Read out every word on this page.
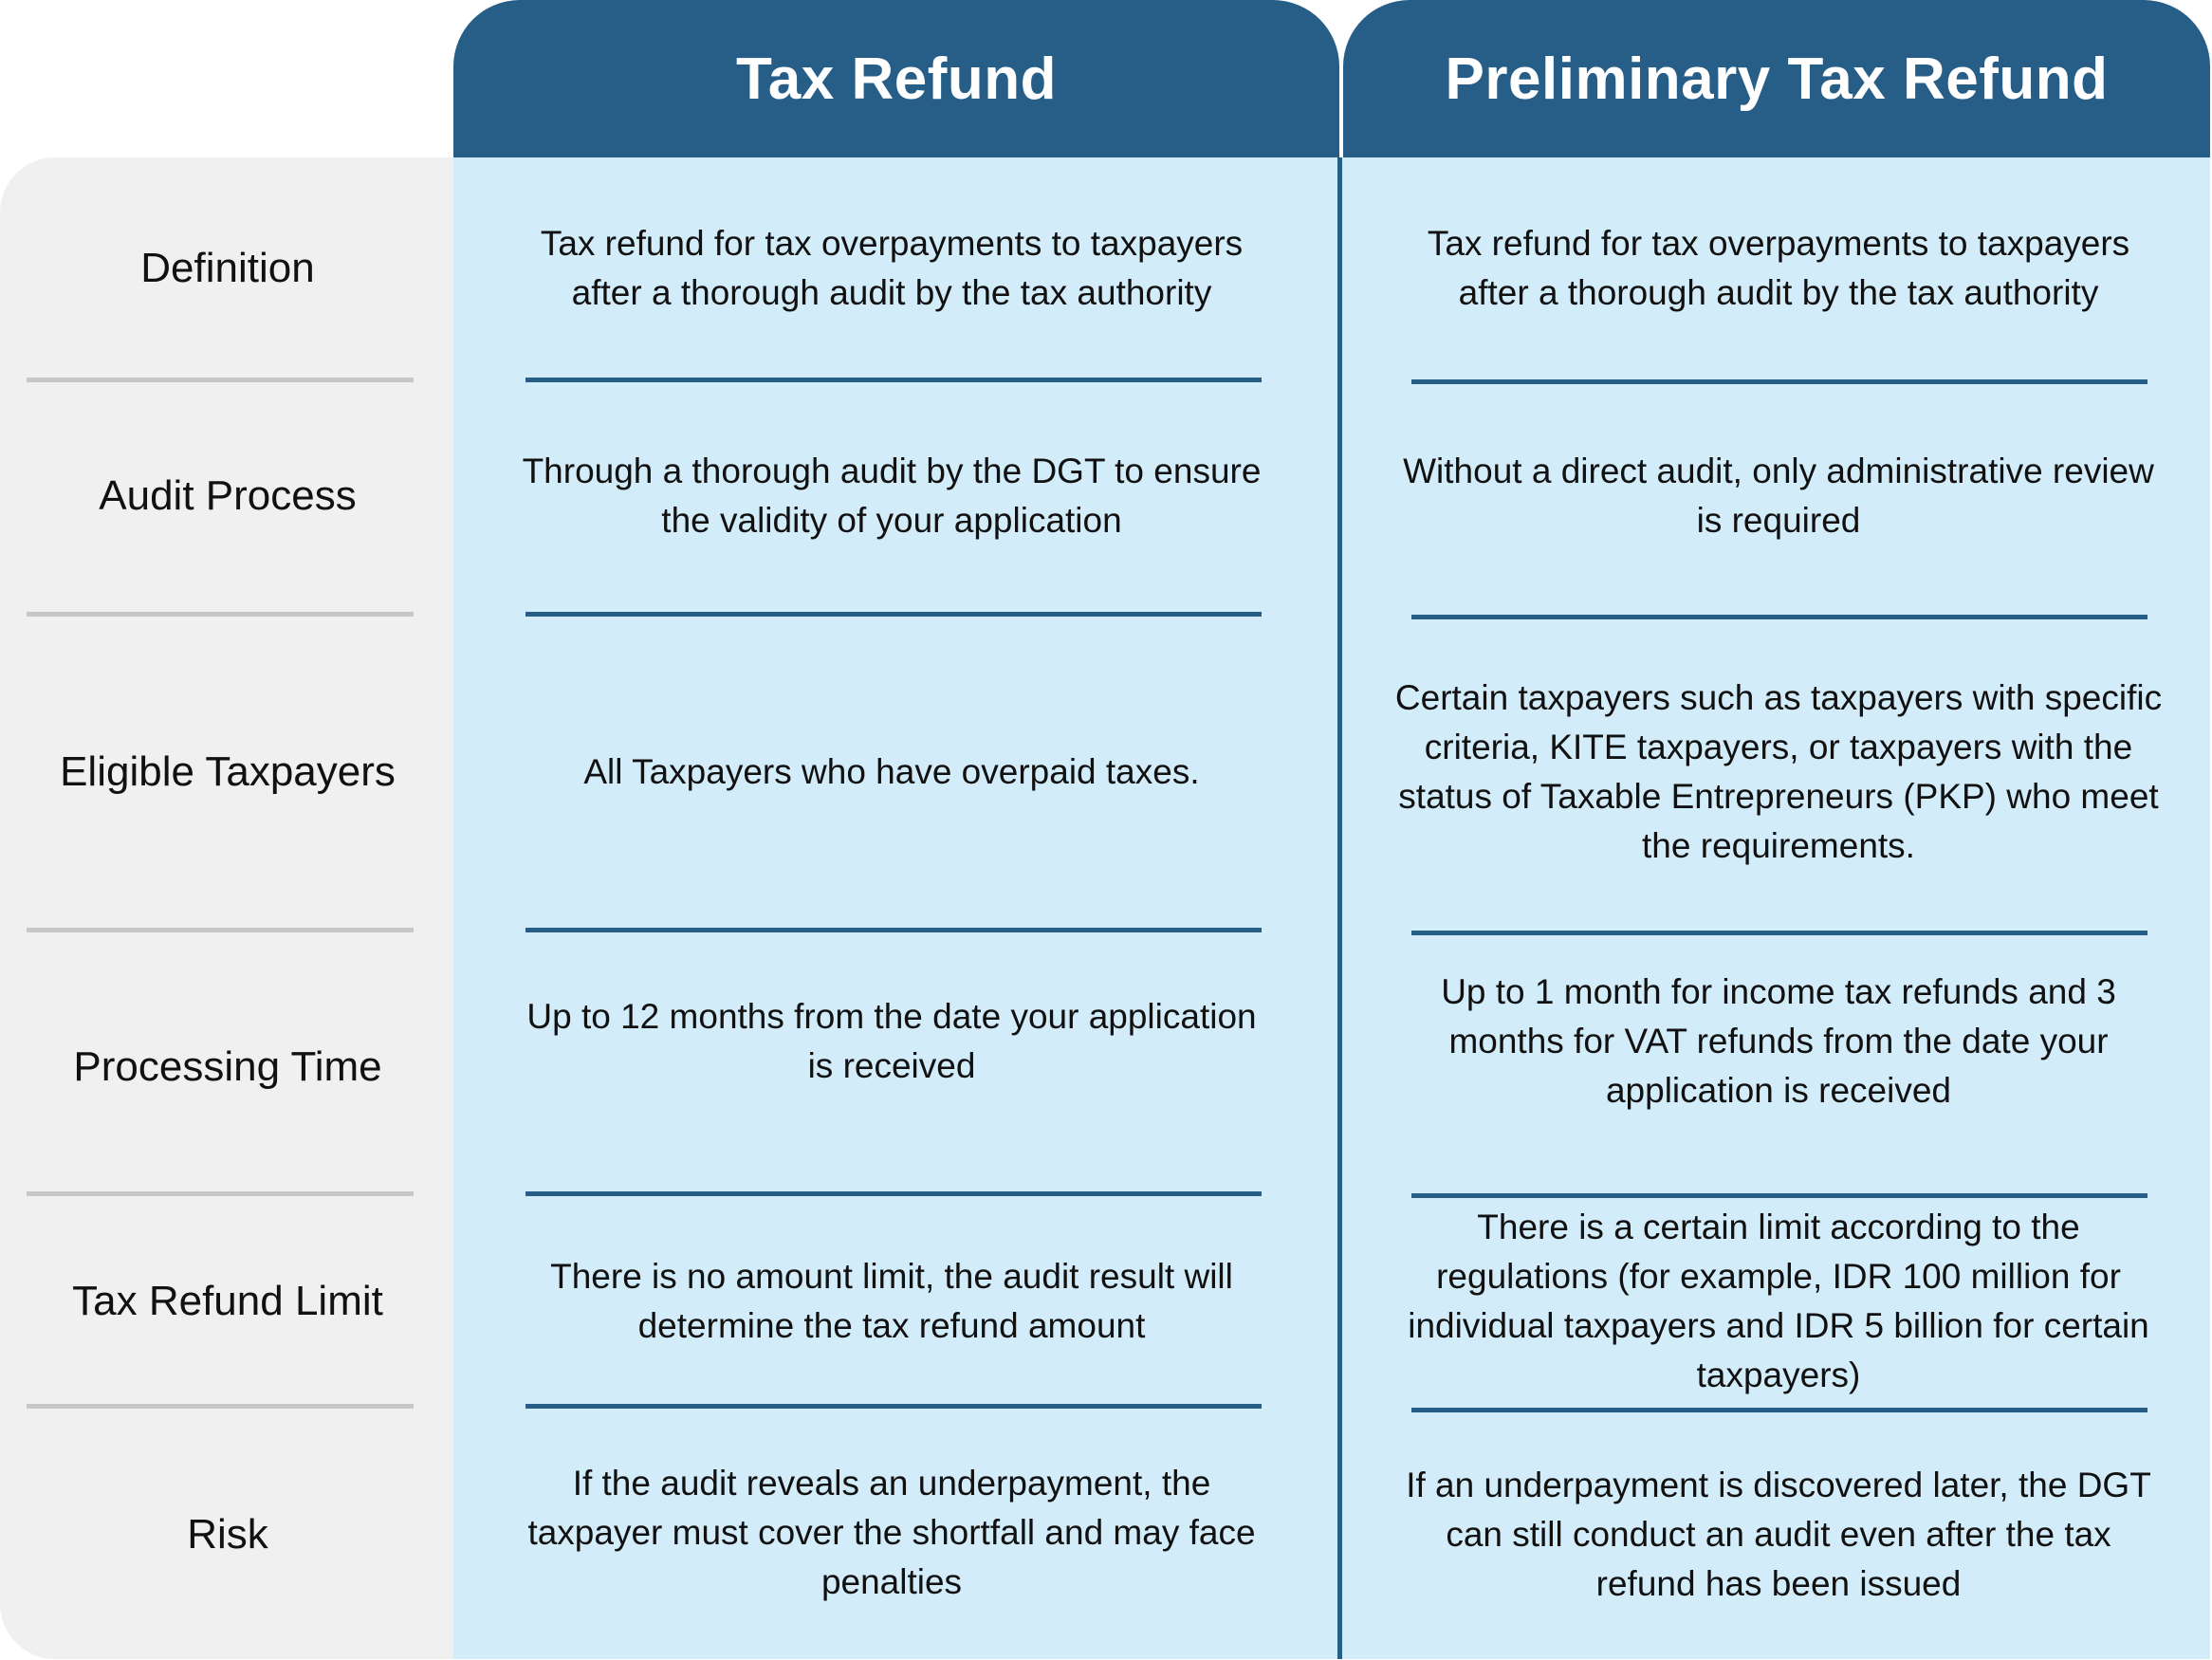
Tax Refund	Preliminary Tax Refund
Definition
Tax refund for tax overpayments to taxpayers after a thorough audit by the tax authority
Tax refund for tax overpayments to taxpayers after a thorough audit by the tax authority
Audit Process
Through a thorough audit by the DGT to ensure the validity of your application
Without a direct audit, only administrative review is required
Eligible Taxpayers	All Taxpayers who have overpaid taxes.
Certain taxpayers such as taxpayers with specific criteria, KITE taxpayers, or taxpayers with the status of Taxable Entrepreneurs (PKP) who meet the requirements.
Processing Time
Up to 12 months from the date your application is received
Up to 1 month for income tax refunds and 3 months for VAT refunds from the date your application is received
Tax Refund Limit
There is no amount limit, the audit result will determine the tax refund amount
There is a certain limit according to the regulations (for example, IDR 100 million for individual taxpayers and IDR 5 billion for certain taxpayers)
Risk
If the audit reveals an underpayment, the taxpayer must cover the shortfall and may face penalties
If an underpayment is discovered later, the DGT can still conduct an audit even after the tax refund has been issued
